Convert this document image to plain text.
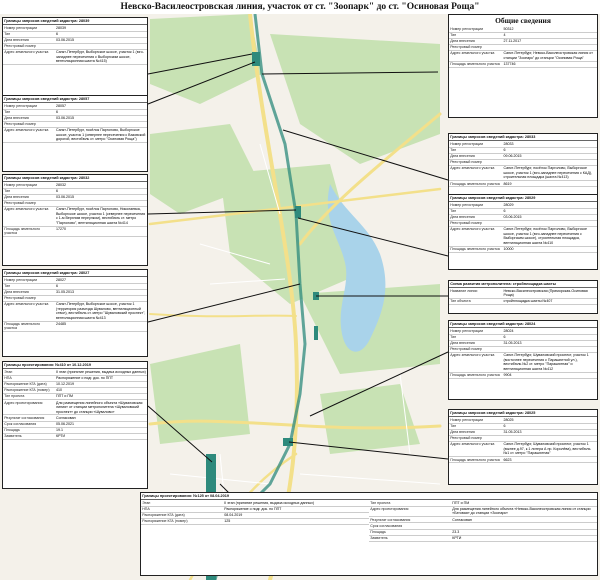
Невско-Василеостровская линия, участок от ст. "Зоопарк" до ст. "Осиновая Роща"
Границы запросов сведений кадастра: 28039
Номер регистрации	28039
Тип	6
Дата внесения	03.06.2015
Реестровый номер	
Адрес земельного участка	Санкт-Петербург, Выборгское шоссе, участок 1 (юго-западнее пересечения с Выборгским шоссе, вентиляционная шахта №415)
Границы запросов сведений кадастра: 28057
Номер регистрации	28057
Тип	6
Дата внесения	03.06.2015
Реестровый номер	
Адрес земельного участка	Санкт-Петербург, посёлок Парголово, Выборгское шоссе, участок 1 (севернее пересечения с Вазовской дорогой, вестибюль ст. метро "Осиновая Роща")
Границы запросов сведений кадастра: 28032
Номер регистрации	28032
Тип	6
Дата внесения	03.06.2015
Реестровый номер	
Адрес земельного участка	Санкт-Петербург, посёлок Парголово, Николаевка, Выборгское шоссе, участок 1 (севернее пересечения с 1-м Верхним переулком), вестибюль ст. метро "Парголово", вентиляционная шахта №414
Площадь земельного участка	17270
Границы запросов сведений кадастра: 28027
Номер регистрации	28027
Тип	6
Дата внесения	31.05.2013
Реестровый номер	
Адрес земельного участка	Санкт-Петербург, Выборгское шоссе, участок 1 (территория разъезда Шувалово, вентиляционный ствол), вестибюль ст. метро "Шуваловский проспект", вентиляционная шахта №413
Площадь земельного участка	24485
Границы проектирования: №410 от 10.12.2019
Этап	II этап (принятие решения, выдача исходных данных)
НПА	Распоряжение о подг. док. по ППТ
Распоряжение КГА (дата)	10.12.2019
Распоряжение КГА (номер)	410
Тип проекта	ППТ и ПМ
Адрес проектирования	Для размещения линейного объекта «Шуваловская линия» от станции метрополитена «Шуваловский проспект» до станции «Шувалово»
Результат согласования	Согласован
Срок согласования	05.06.2021
Площадь	19.1
Заявитель	КРТИ
Общие сведения
Номер регистрации	50312
Тип	4
Дата внесения	27.11.2017
Реестровый номер	
Адрес земельного участка	Санкт-Петербург, Невско-Василеостровская линия от станции "Зоопарк" до станции "Осиновая Роща"
Площадь земельного участка	137746
Границы запросов сведений кадастра: 28033
Номер регистрации	28033
Тип	6
Дата внесения	09.06.2015
Реестровый номер	
Адрес земельного участка	Санкт-Петербург, посёлок Парголово, Выборгское шоссе, участок 1 (юго-западнее пересечения с КАД), строительная площадка (шахта №413)
Площадь земельного участка	8619
Границы запросов сведений кадастра: 28029
Номер регистрации	28029
Тип	6
Дата внесения	03.06.2015
Реестровый номер	
Адрес земельного участка	Санкт-Петербург, посёлок Парголово, Выборгское шоссе, участок 1 (юго-западнее пересечения с Выборгским шоссе), строительная площадка, вентиляционная шахта №410
Площадь земельного участка	10000
Схема развития метрополитена: стройплощадка шахты
Название линии	Невско-Василеостровская (Приморская-Осиновая Роща)
Тип объекта	стройплощадка шахты №407
Границы запросов сведений кадастра: 28024
Номер регистрации	28024
Тип	6
Дата внесения	31.05.2013
Реестровый номер	
Адрес земельного участка	Санкт-Петербург, Шуваловский проспект, участок 1 (восточнее пересечения с Парашютной ул.), вестибюль №2 ст. метро "Парашютная" и вентиляционная шахта №412
Площадь земельного участка	9904
Границы запросов сведений кадастра: 28025
Номер регистрации	28025
Тип	6
Дата внесения	31.05.2013
Реестровый номер	
Адрес земельного участка	Санкт-Петербург, Шуваловский проспект, участок 1 (южнее д.97, к.1 литера А пр. Королёва), вестибюль №1 ст. метро "Парашютная"
Площадь земельного участка	6623
Границы проектирования: №125 от 08.04.2019
Этап	II этап (принятие решения, выдача исходных данных)
НПА	Распоряжение о подг. док. по ППТ
Распоряжение КГА (дата)	08.04.2019
Распоряжение КГА (номер)	125
Тип проекта	ППТ и ПМ
Адрес проектирования	Для размещения линейного объекта «Невско-Василеостровская линия от станции «Беговая» до станции «Зоопарк»
Результат согласования	Согласован
Срок согласования	
Площадь	23.3
Заявитель	КРТИ
